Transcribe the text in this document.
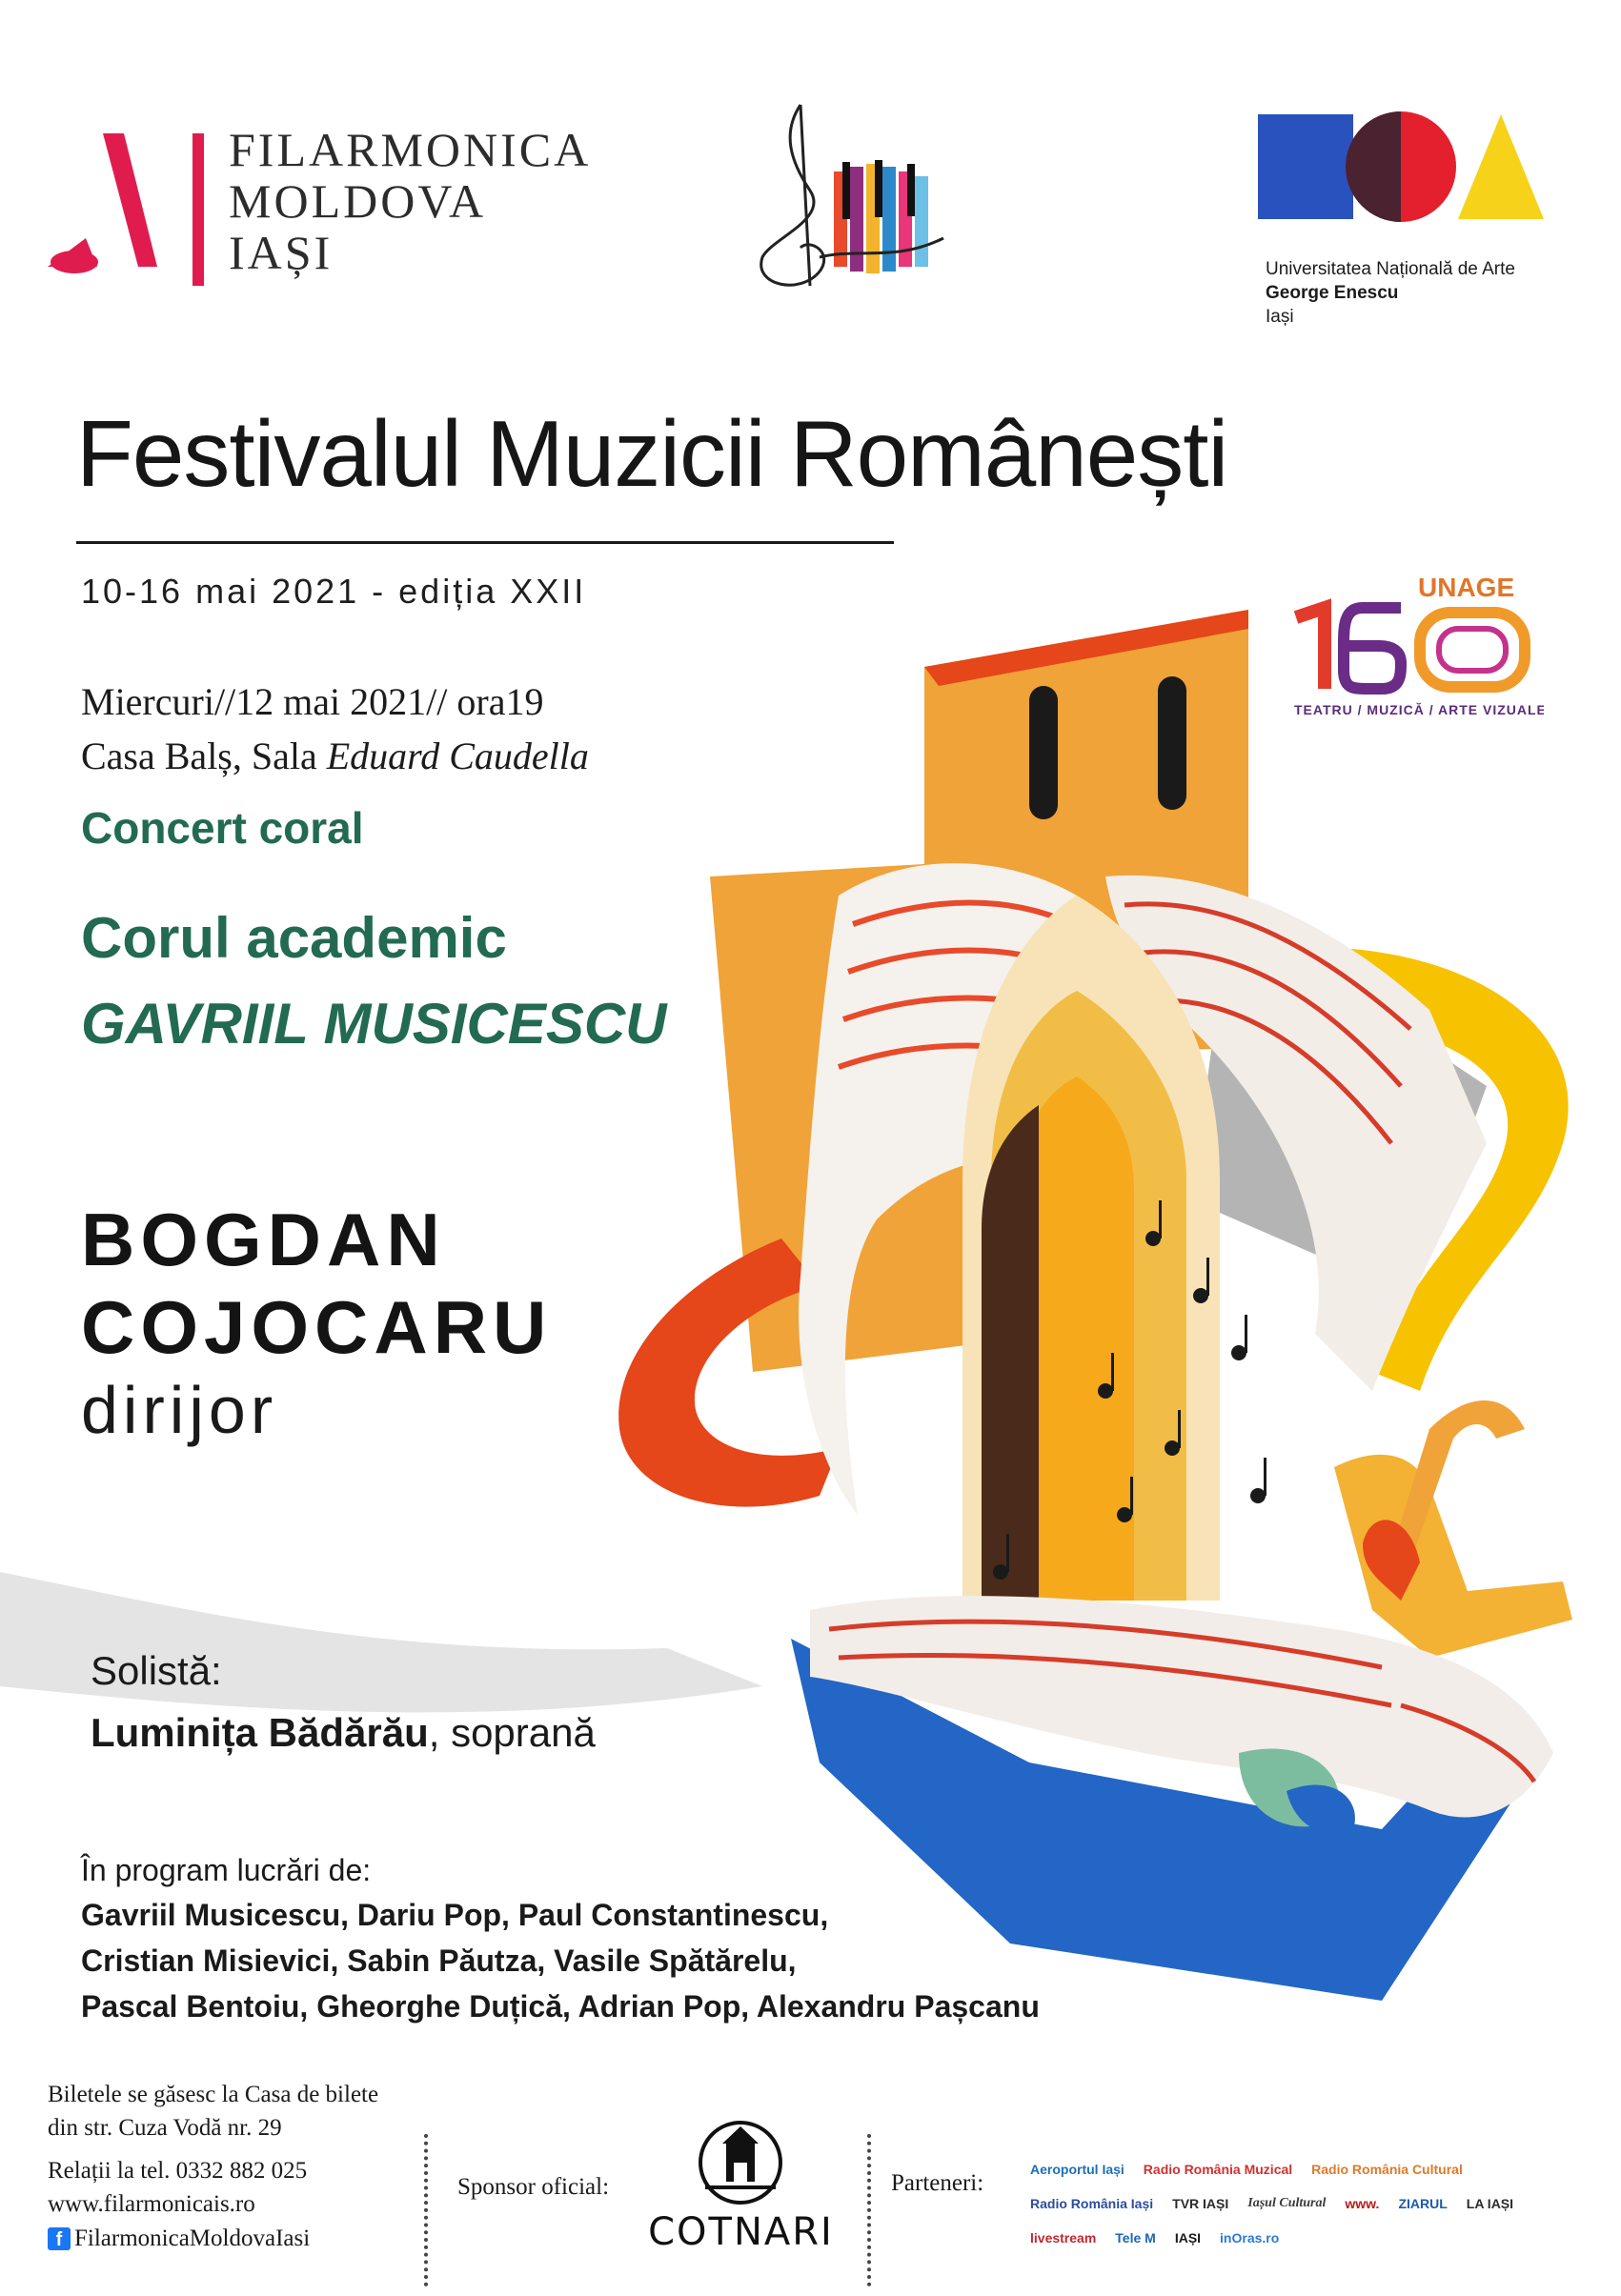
FILARMONICA
MOLDOVA
IAȘI	Universitatea Națională de Arte
George Enescu
Iași
Festivalul Muzicii Românești
10-16 mai 2021 - ediția XXII	UNAGE
TEATRU / MUZICĂ / ARTE VIZUALE
Miercuri//12 mai 2021// ora19
Casa Balș, Sala Eduard Caudella
Concert coral
Corul academic
GAVRIIL MUSICESCU
BOGDAN
COJOCARU
dirijor
Solistă:
Luminița Bădărău, soprană
În program lucrări de:
Gavriil Musicescu, Dariu Pop, Paul Constantinescu,
Cristian Misievici, Sabin Păutza, Vasile Spătărelu,
Pascal Bentoiu, Gheorghe Duțică, Adrian Pop, Alexandru Pașcanu
Biletele se găsesc la Casa de bilete
din str. Cuza Vodă nr. 29
Relații la tel. 0332 882 025
www.filarmonicais.ro
f FilarmonicaMoldovaIasi
Sponsor oficial:
COTNARI
Parteneri:
Aeroportul Iași	Radio România Muzical	Radio România Cultural
Radio România Iași	TVR IAȘI	Iașul Cultural	www.	ZIARUL	LA IAȘI
livestream	Tele M	IAȘI	inOras.ro
